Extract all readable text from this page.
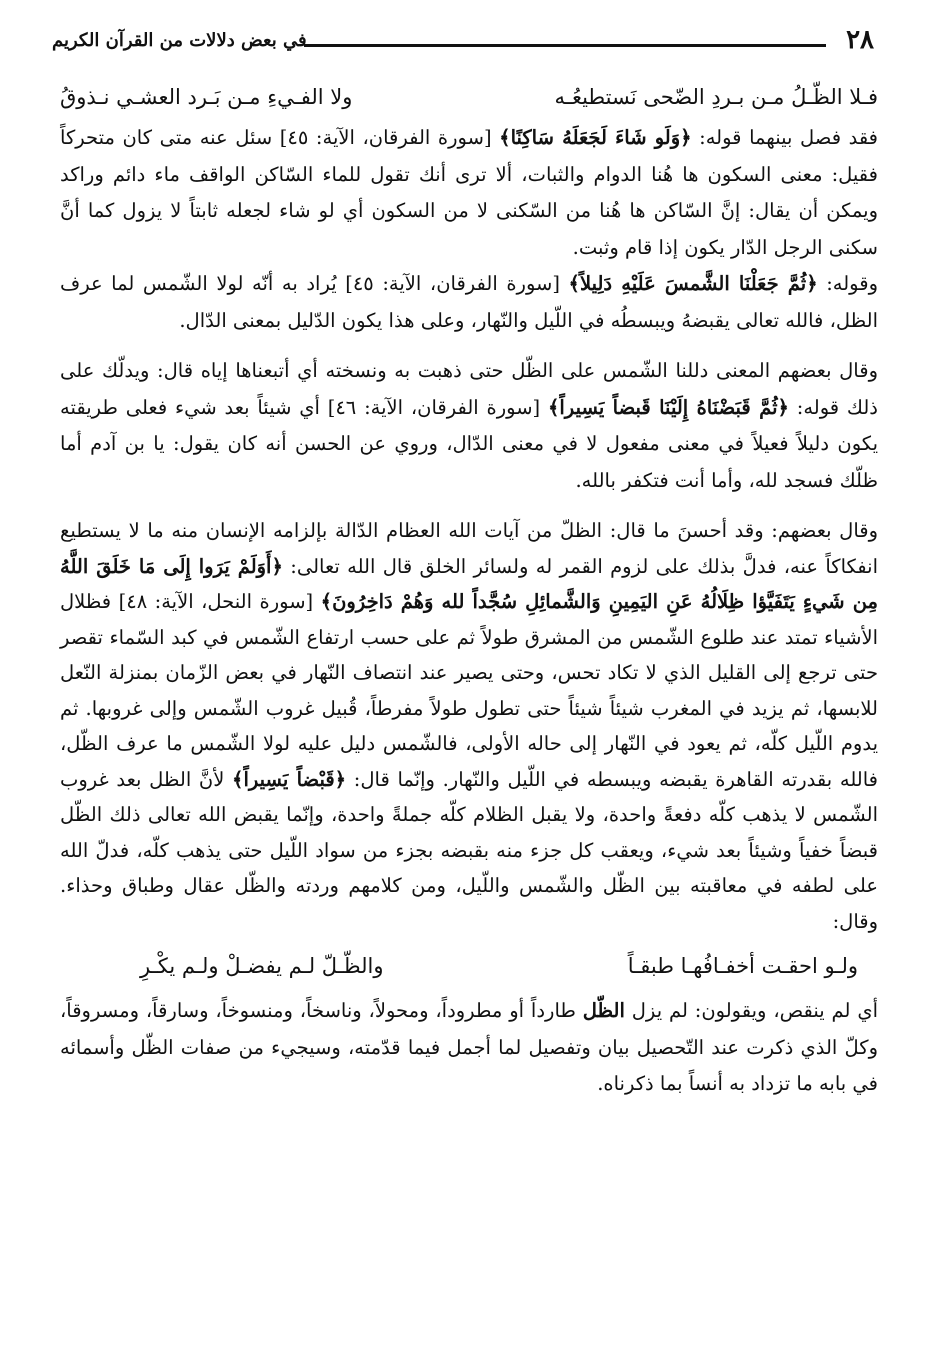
٢٨
في بعض دلالات من القرآن الكريم
فـلا الظّـلُ مـن بـردِ الضّحى نَستطيعُـه
ولا الفـيءِ مـن بَـرد العشـي نـذوقُ

فقد فصل بينهما قوله: ﴿وَلَو شَاءَ لَجَعَلَهُ سَاكِنًا﴾ [سورة الفرقان، الآية: ٤٥] سئل عنه متى كان متحركاً فقيل: معنى السكون ها هُنا الدوام والثبات، ألا ترى أنك تقول للماء السّاكن الواقف ماء دائم وراكد ويمكن أن يقال: إنَّ السّاكن ها هُنا من السّكنى لا من السكون أي لو شاء لجعله ثابتاً لا يزول كما أنَّ سكنى الرجل الدّار يكون إذا قام وثبت.

وقوله: ﴿ثُمَّ جَعَلْنَا الشَّمسَ عَلَيْهِ دَلِيلاً﴾ [سورة الفرقان، الآية: ٤٥] يُراد به أنّه لولا الشّمس لما عرف الظل، فالله تعالى يقبضهُ ويبسطُه في اللّيل والنّهار، وعلى هذا يكون الدّليل بمعنى الدّال.

وقال بعضهم المعنى دللنا الشّمس على الظّل حتى ذهبت به ونسخته أي أتبعناها إياه قال: ويدلّك على ذلك قوله: ﴿ثُمَّ قَبَضْنَاهُ إِلَيْنَا قَبضاً يَسِيراً﴾ [سورة الفرقان، الآية: ٤٦] أي شيئاً بعد شيء فعلى طريقته يكون دليلاً فعيلاً في معنى مفعول لا في معنى الدّال، وروي عن الحسن أنه كان يقول: يا بن آدم أما ظلّك فسجد لله، وأما أنت فتكفر بالله.

وقال بعضهم: وقد أحسنَ ما قال: الظلّ من آيات الله العظام الدّالة بإلزامه الإنسان منه ما لا يستطيع انفكاكاً عنه، فدلَّ بذلك على لزوم القمر له ولسائر الخلق قال الله تعالى: ﴿أَوَلَمْ يَرَوا إِلَى مَا خَلَقَ اللَّهُ مِن شَيءٍ يَتَفَيَّؤا ظِلَالُهُ عَنِ اليَمِينِ وَالشَّمائِلِ سُجَّداً لله وَهُمْ دَاخِرُونَ﴾ [سورة النحل، الآية: ٤٨] فظلال الأشياء تمتد عند طلوع الشّمس من المشرق طولاً ثم على حسب ارتفاع الشّمس في كبد السّماء تقصر حتى ترجع إلى القليل الذي لا تكاد تحس، وحتى يصير عند انتصاف النّهار في بعض الزّمان بمنزلة النّعل للابسها، ثم يزيد في المغرب شيئاً شيئاً حتى تطول طولاً مفرطاً، قُبيل غروب الشّمس وإلى غروبها. ثم يدوم اللّيل كلّه، ثم يعود في النّهار إلى حاله الأولى، فالشّمس دليل عليه لولا الشّمس ما عرف الظّل، فالله بقدرته القاهرة يقبضه ويبسطه في اللّيل والنّهار. وإنّما قال: ﴿قَبْضاً يَسِيراً﴾ لأنَّ الظل بعد غروب الشّمس لا يذهب كلّه دفعةً واحدة، ولا يقبل الظلام كلّه جملةً واحدة، وإنّما يقبض الله تعالى ذلك الظّل قبضاً خفياً وشيئاً بعد شيء، ويعقب كل جزء منه بقبضه بجزء من سواد اللّيل حتى يذهب كلّه، فدلّ الله على لطفه في معاقبته بين الظّل والشّمس واللّيل، ومن كلامهم وردته والظّل عقال وطباق وحذاء. وقال:

ولـو احقـت أخفـافُهـا طبقـاً
والظّـلّ لـم يفضـلْ ولـم يكْـرِ

أي لم ينقص، ويقولون: لم يزل الظّل طارداً أو مطروداً، ومحولاً، وناسخاً، ومنسوخاً، وسارقاً، ومسروقاً، وكلّ الذي ذكرت عند التّحصيل بيان وتفصيل لما أجمل فيما قدّمته، وسيجيء من صفات الظّل وأسمائه في بابه ما تزداد به أنساً بما ذكرناه.
